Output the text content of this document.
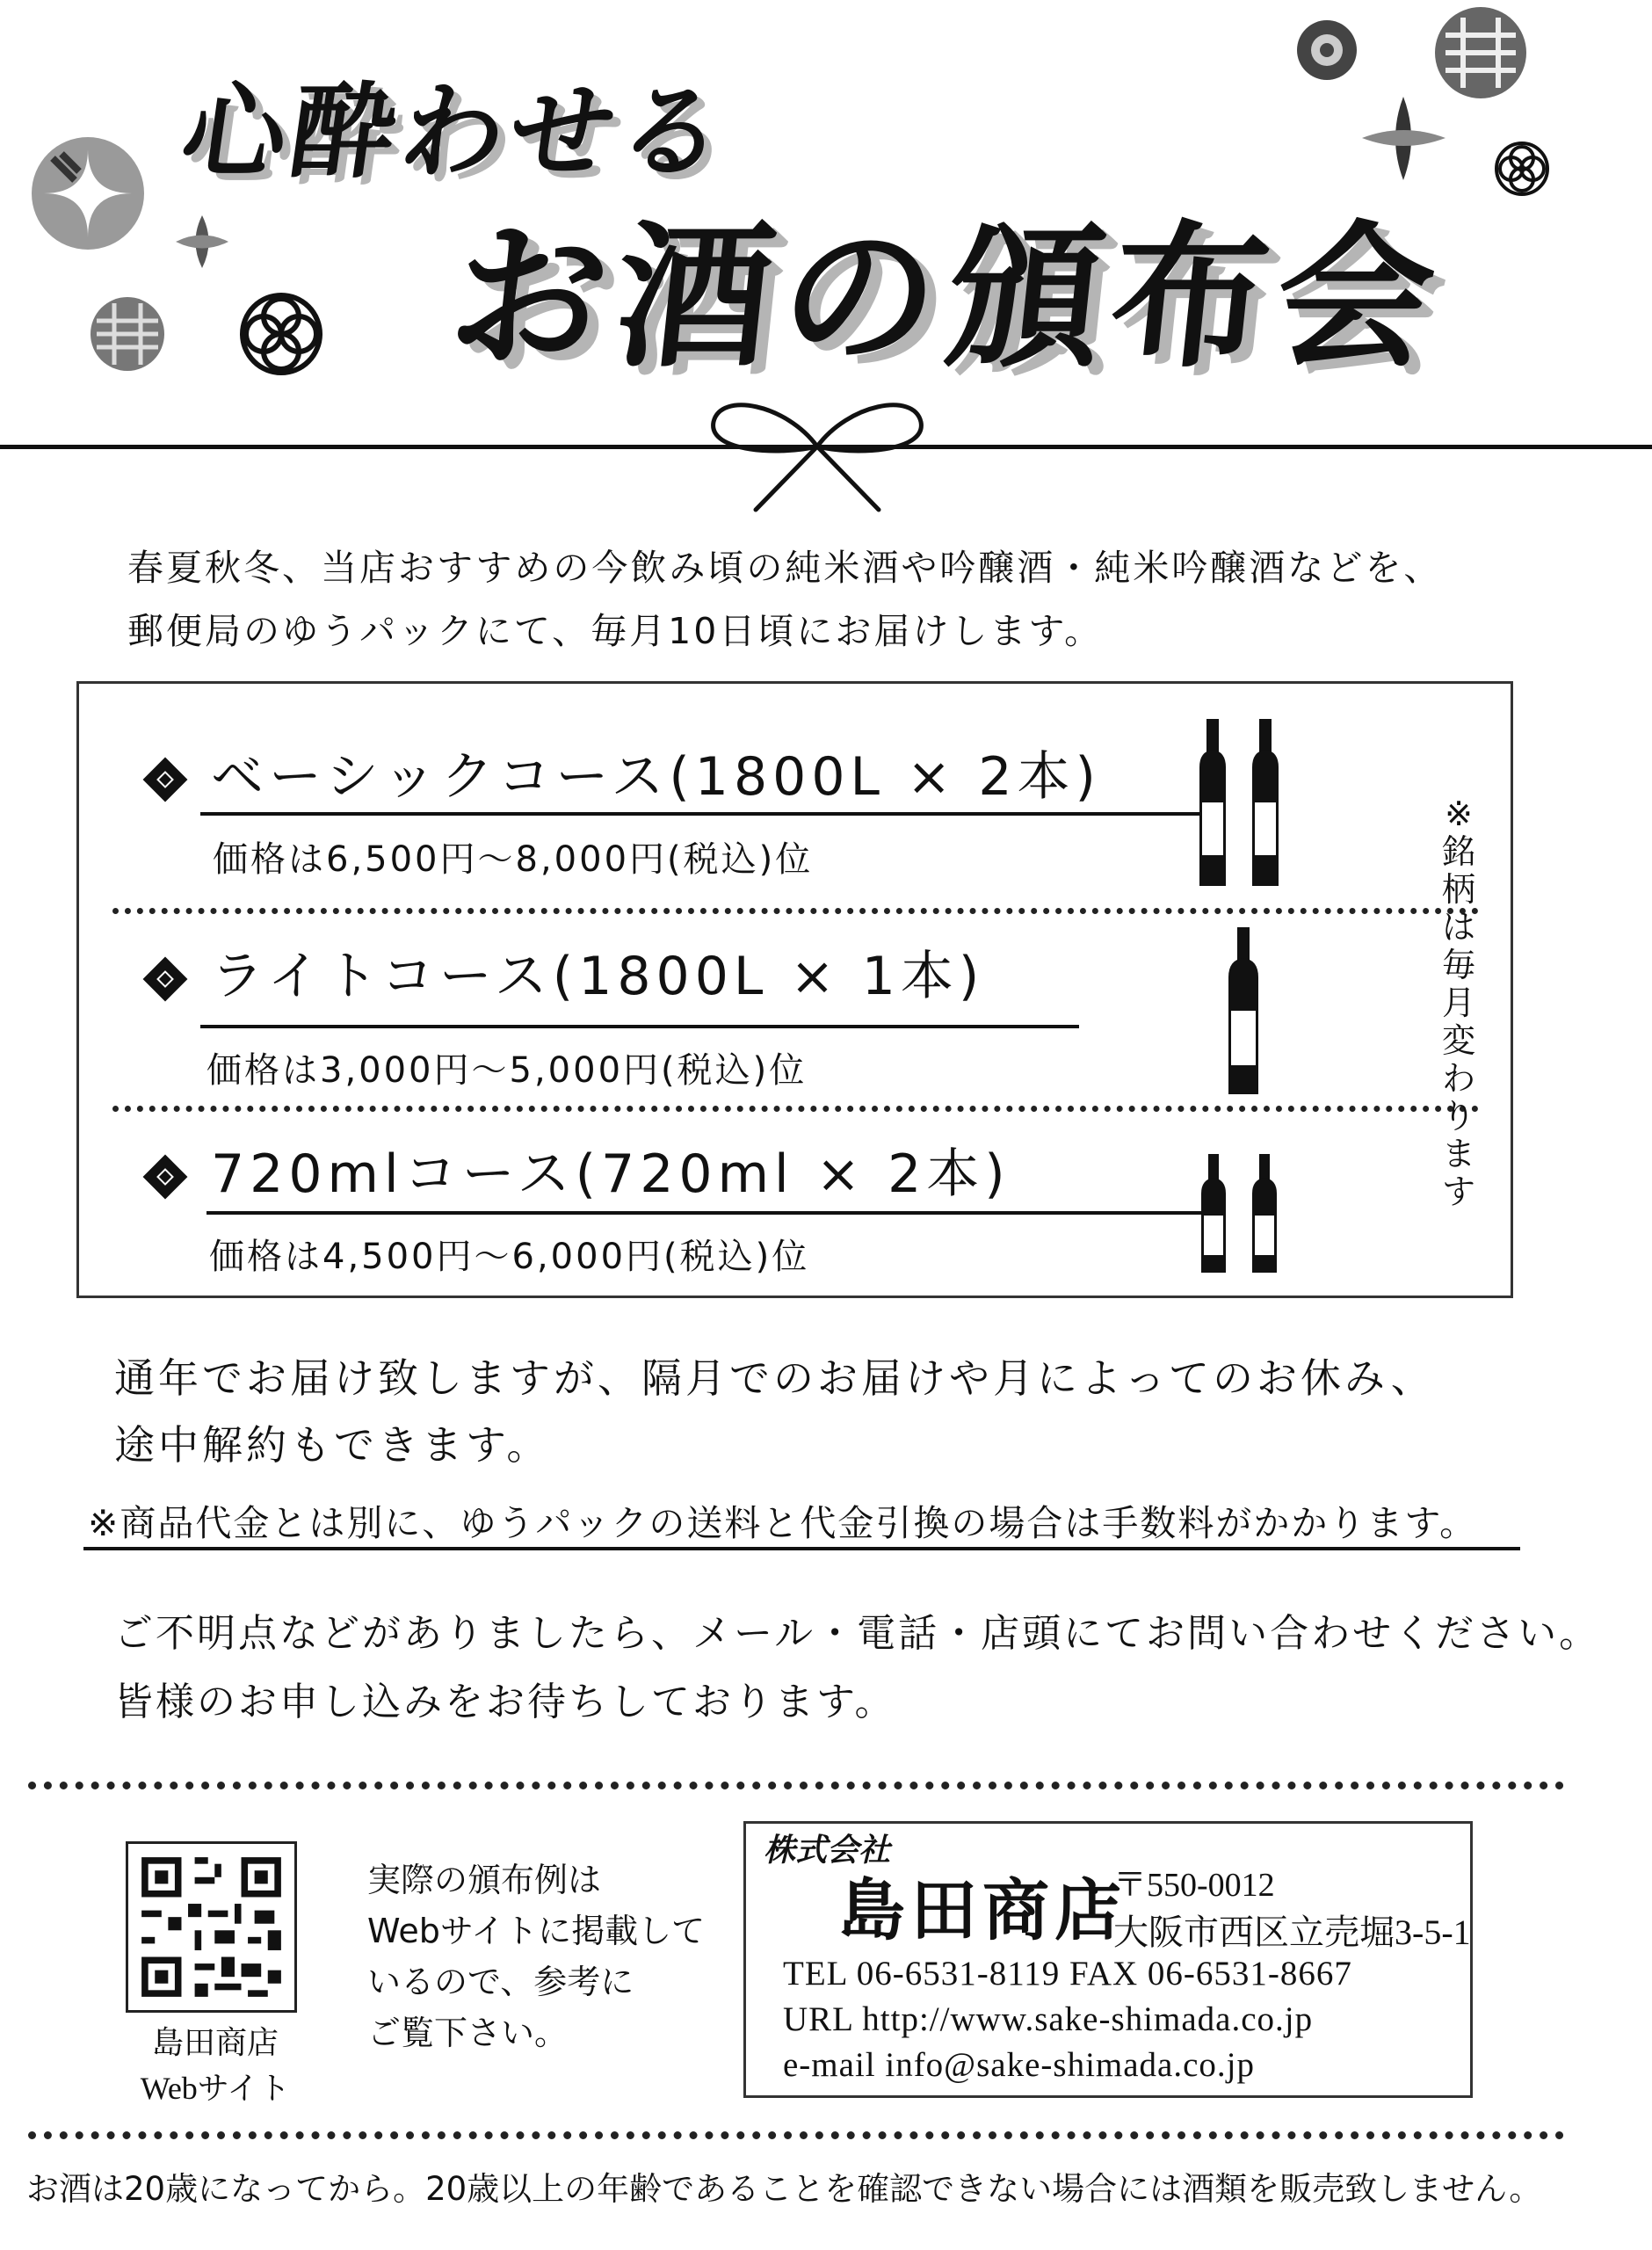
心酔わせる
お酒の頒布会
春夏秋冬、当店おすすめの今飲み頃の純米酒や吟醸酒・純米吟醸酒などを、
郵便局のゆうパックにて、毎月10日頃にお届けします。
ベーシックコース(1800L × 2本)
価格は6,500円～8,000円(税込)位
ライトコース(1800L × 1本)
価格は3,000円～5,000円(税込)位
720mlコース(720ml × 2本)
価格は4,500円～6,000円(税込)位
※
銘
柄
は
毎
月
変
わ
り
ま
す
通年でお届け致しますが、隔月でのお届けや月によってのお休み、
途中解約もできます。
※商品代金とは別に、ゆうパックの送料と代金引換の場合は手数料がかかります。
ご不明点などがありましたら、メール・電話・店頭にてお問い合わせください。
皆様のお申し込みをお待ちしております。
島田商店
Webサイト
実際の頒布例は
Webサイトに掲載して
いるので、参考に
ご覧下さい。
株式会社
島田商店
〒550-0012
大阪市西区立売堀3-5-1
TEL 06-6531-8119 FAX 06-6531-8667
URL http://www.sake-shimada.co.jp
e-mail info@sake-shimada.co.jp
お酒は20歳になってから。20歳以上の年齢であることを確認できない場合には酒類を販売致しません。
